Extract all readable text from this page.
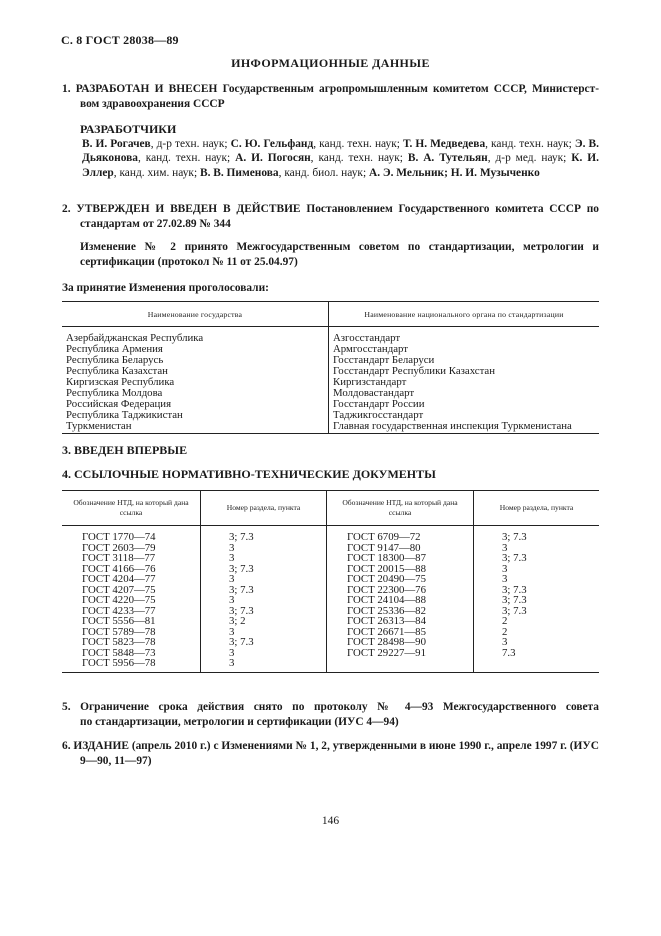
С. 8 ГОСТ 28038—89
ИНФОРМАЦИОННЫЕ ДАННЫЕ
1. РАЗРАБОТАН И ВНЕСЕН Государственным агропромышленным комитетом СССР, Министерст-
вом здравоохранения СССР
РАЗРАБОТЧИКИ
В. И. Рогачев, д-р техн. наук; С. Ю. Гельфанд, канд. техн. наук; Т. Н. Медведева, канд. техн. наук; Э. В. Дьяконова, канд. техн. наук; А. И. Погосян, канд. техн. наук; В. А. Тутельян, д-р мед. наук; К. И. Эллер, канд. хим. наук; В. В. Пименова, канд. биол. наук; А. Э. Мельник; Н. И. Музыченко
2. УТВЕРЖДЕН И ВВЕДЕН В ДЕЙСТВИЕ Постановлением Государственного комитета СССР по
стандартам от 27.02.89 № 344
Изменение № 2 принято Межгосударственным советом по стандартизации, метрологии и сертификации (протокол № 11 от 25.04.97)
За принятие Изменения проголосовали:
Наименование государства	Наименование национального органа по стандартизации
Азербайджанская Республика	Азгосстандарт
Республика Армения	Армгосстандарт
Республика Беларусь	Госстандарт Беларуси
Республика Казахстан	Госстандарт Республики Казахстан
Киргизская Республика	Киргизстандарт
Республика Молдова	Молдовастандарт
Российская Федерация	Госстандарт России
Республика Таджикистан	Таджикгосстандарт
Туркменистан	Главная государственная инспекция Туркменистана
3. ВВЕДЕН ВПЕРВЫЕ
4. ССЫЛОЧНЫЕ НОРМАТИВНО-ТЕХНИЧЕСКИЕ ДОКУМЕНТЫ
Обозначение НТД, на который дана ссылка	Номер раздела, пункта	Обозначение НТД, на который дана ссылка	Номер раздела, пункта
ГОСТ 1770—74	3; 7.3	ГОСТ 6709—72	3; 7.3
ГОСТ 2603—79	3	ГОСТ 9147—80	3
ГОСТ 3118—77	3	ГОСТ 18300—87	3; 7.3
ГОСТ 4166—76	3; 7.3	ГОСТ 20015—88	3
ГОСТ 4204—77	3	ГОСТ 20490—75	3
ГОСТ 4207—75	3; 7.3	ГОСТ 22300—76	3; 7.3
ГОСТ 4220—75	3	ГОСТ 24104—88	3; 7.3
ГОСТ 4233—77	3; 7.3	ГОСТ 25336—82	3; 7.3
ГОСТ 5556—81	3; 2	ГОСТ 26313—84	2
ГОСТ 5789—78	3	ГОСТ 26671—85	2
ГОСТ 5823—78	3; 7.3	ГОСТ 28498—90	3
ГОСТ 5848—73	3	ГОСТ 29227—91	7.3
ГОСТ 5956—78	3		
5. Ограничение срока действия снято по протоколу № 4—93 Межгосударственного совета
по стандартизации, метрологии и сертификации (ИУС 4—94)
6. ИЗДАНИЕ (апрель 2010 г.) с Изменениями № 1, 2, утвержденными в июне 1990 г., апреле 1997 г. (ИУС
9—90, 11—97)
146
